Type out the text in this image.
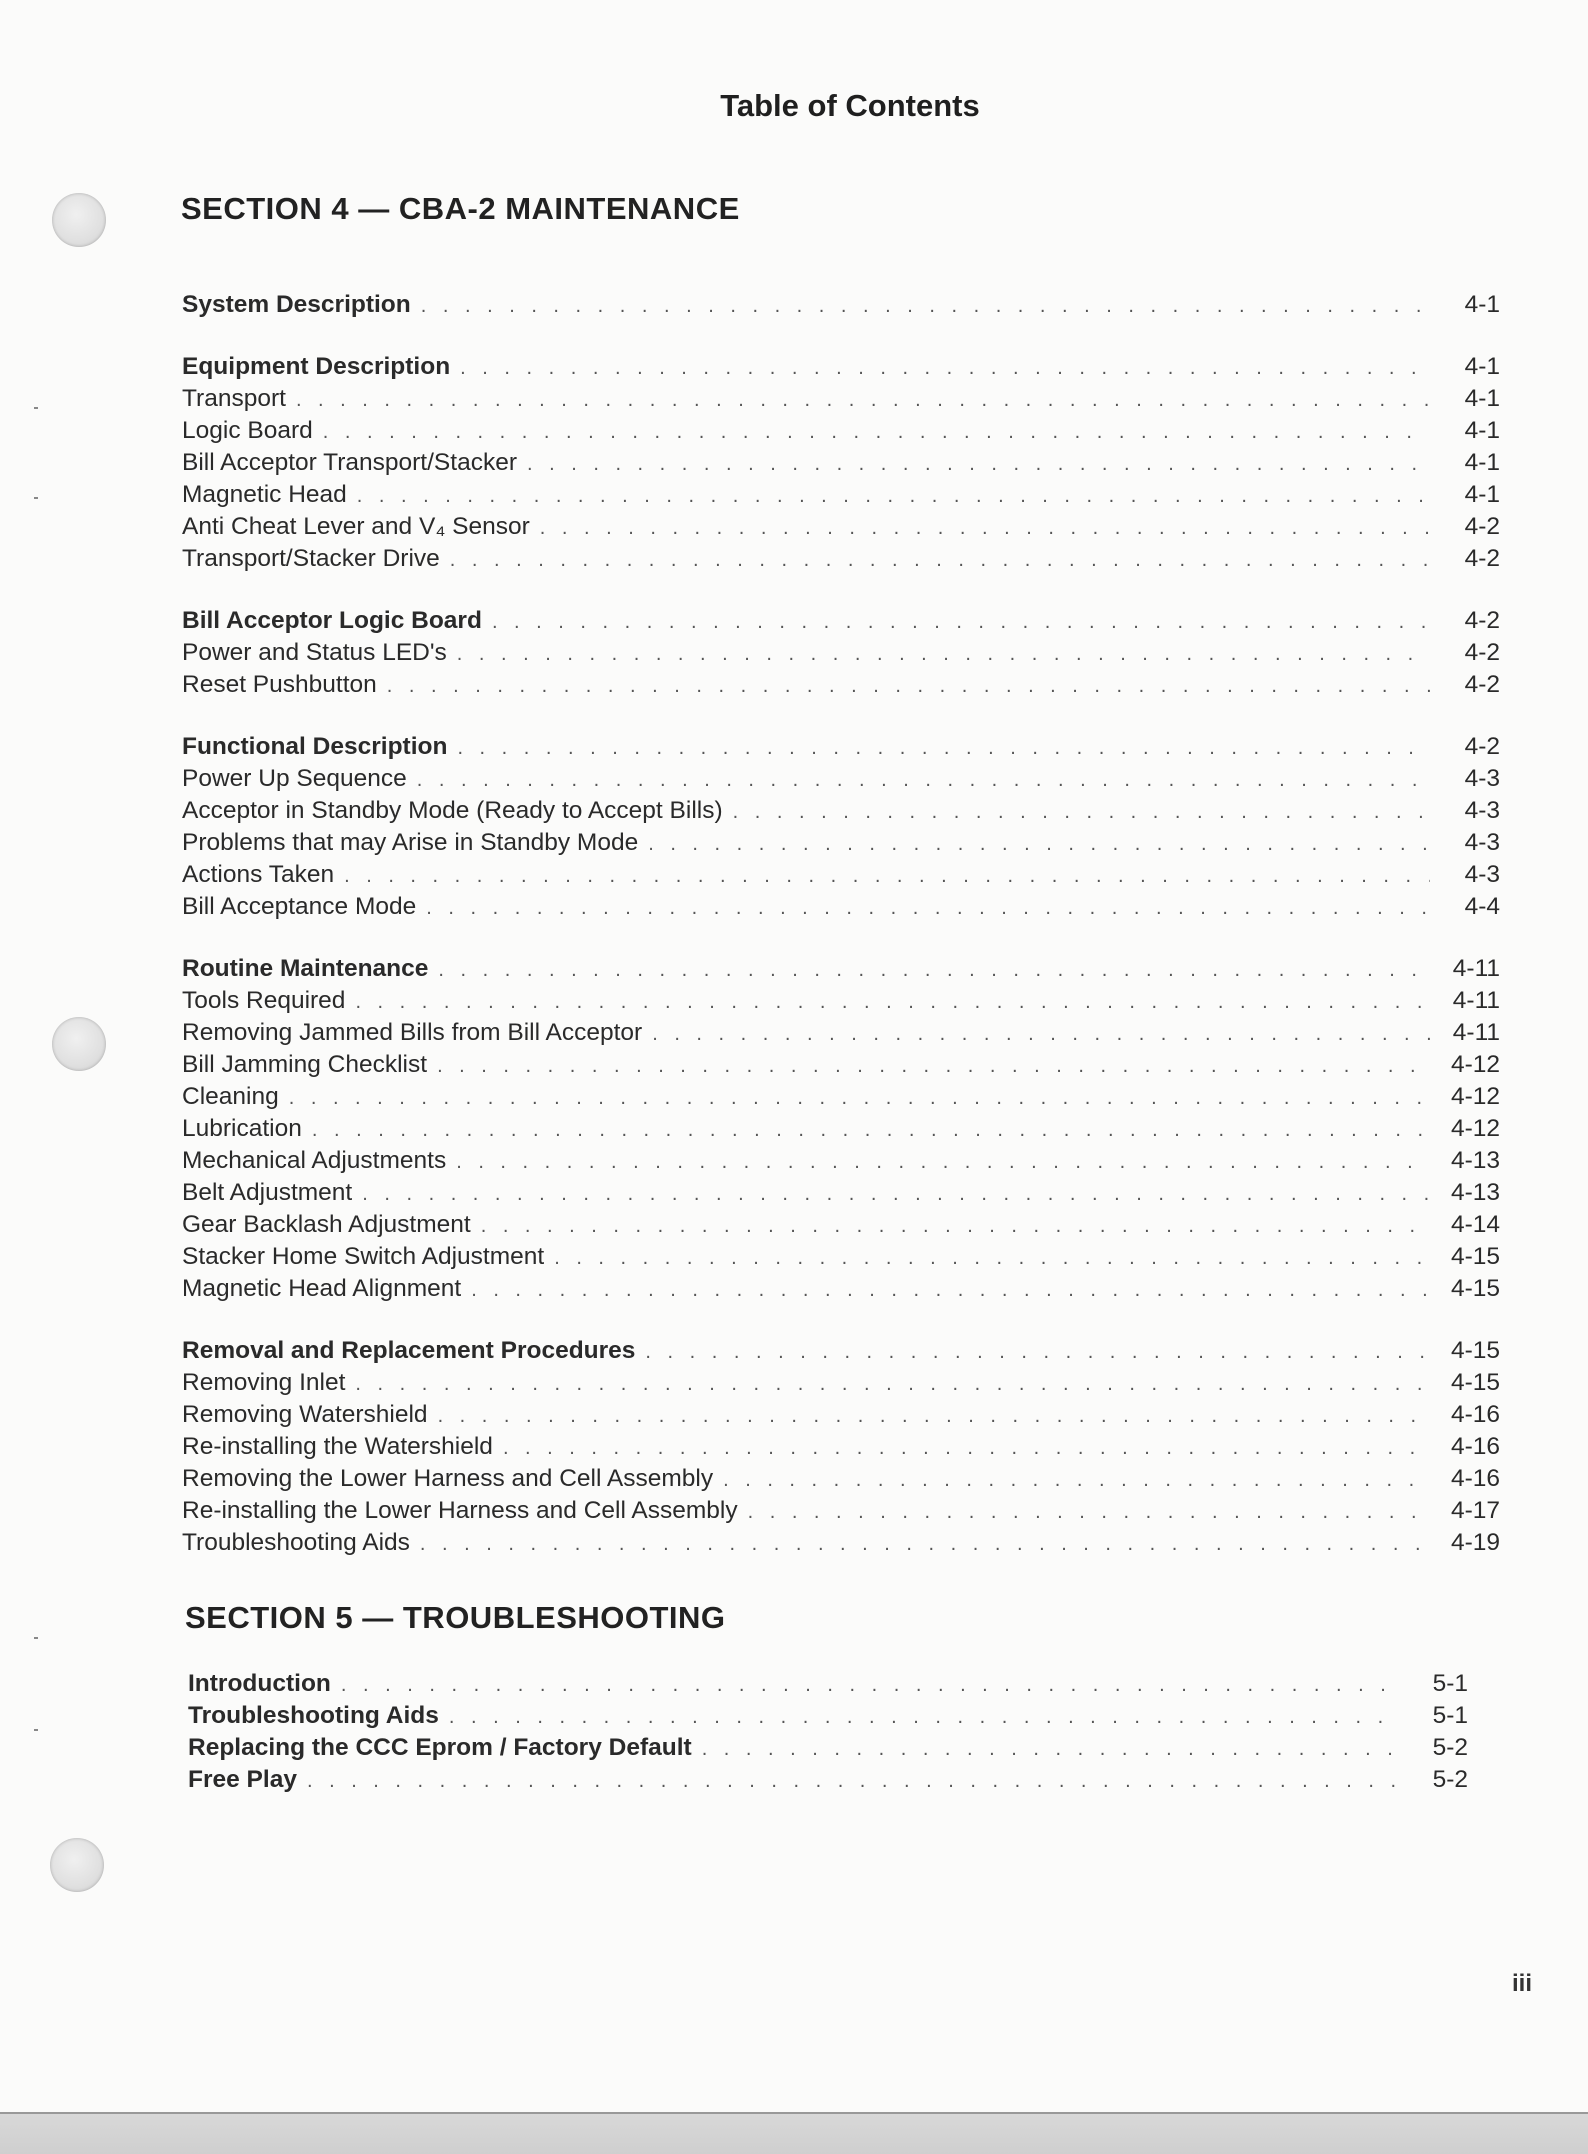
Table of Contents
SECTION 4 — CBA-2 MAINTENANCE
System Description . . .	4-1
Equipment Description . . .	4-1
Transport . . .	4-1
Logic Board . . .	4-1
Bill Acceptor Transport/Stacker . . .	4-1
Magnetic Head . . .	4-1
Anti Cheat Lever and V₄ Sensor . . .	4-2
Transport/Stacker Drive . . .	4-2
Bill Acceptor Logic Board . . .	4-2
Power and Status LED's . . .	4-2
Reset Pushbutton . . .	4-2
Functional Description . . .	4-2
Power Up Sequence . . .	4-3
Acceptor in Standby Mode (Ready to Accept Bills) . . .	4-3
Problems that may Arise in Standby Mode . . .	4-3
Actions Taken . . .	4-3
Bill Acceptance Mode . . .	4-4
Routine Maintenance . . .	4-11
Tools Required . . .	4-11
Removing Jammed Bills from Bill Acceptor . . .	4-11
Bill Jamming Checklist . . .	4-12
Cleaning . . .	4-12
Lubrication . . .	4-12
Mechanical Adjustments . . .	4-13
Belt Adjustment . . .	4-13
Gear Backlash Adjustment . . .	4-14
Stacker Home Switch Adjustment . . .	4-15
Magnetic Head Alignment . . .	4-15
Removal and Replacement Procedures . . .	4-15
Removing Inlet . . .	4-15
Removing Watershield . . .	4-16
Re-installing the Watershield . . .	4-16
Removing the Lower Harness and Cell Assembly . . .	4-16
Re-installing the Lower Harness and Cell Assembly . . .	4-17
Troubleshooting Aids . . .	4-19
SECTION 5 — TROUBLESHOOTING
Introduction . . .	5-1
Troubleshooting Aids . . .	5-1
Replacing the CCC Eprom / Factory Default . . .	5-2
Free Play . . .	5-2
iii
